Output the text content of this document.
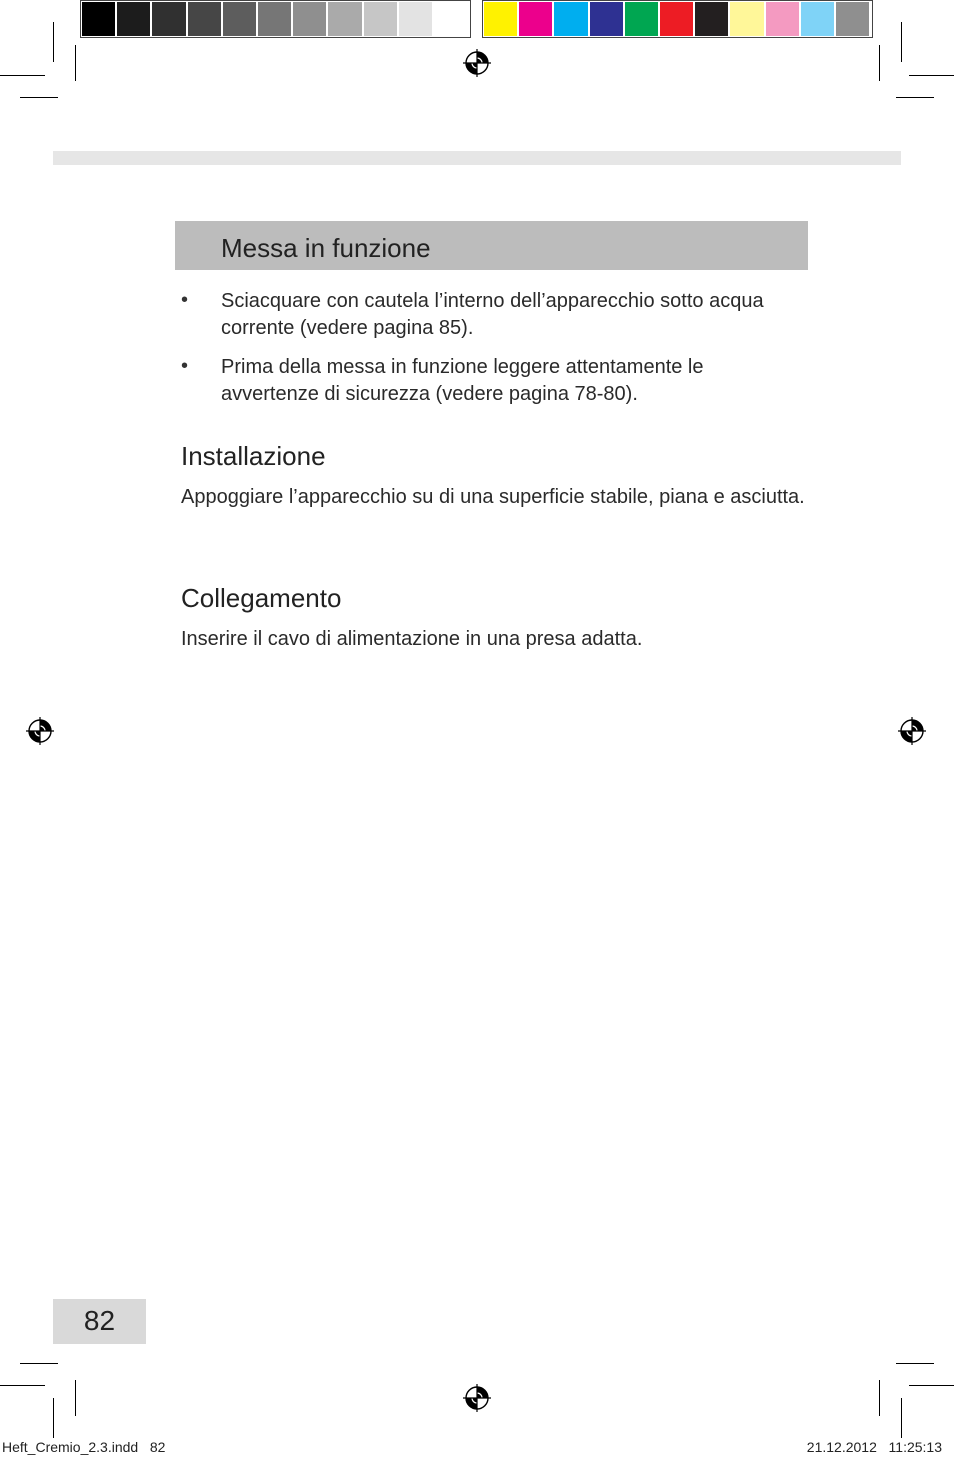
Messa in funzione
• Sciacquare con cautela l’interno dell’apparecchio sotto acqua corrente (vedere pagina 85).
• Prima della messa in funzione leggere attentamente le avvertenze di sicurezza (vedere pagina 78-80).
Installazione
Appoggiare l’apparecchio su di una superficie stabile, piana e asciutta.
Collegamento
Inserire il cavo di alimentazione in una presa adatta.
82
Heft_Cremio_2.3.indd   82	21.12.2012   11:25:13
